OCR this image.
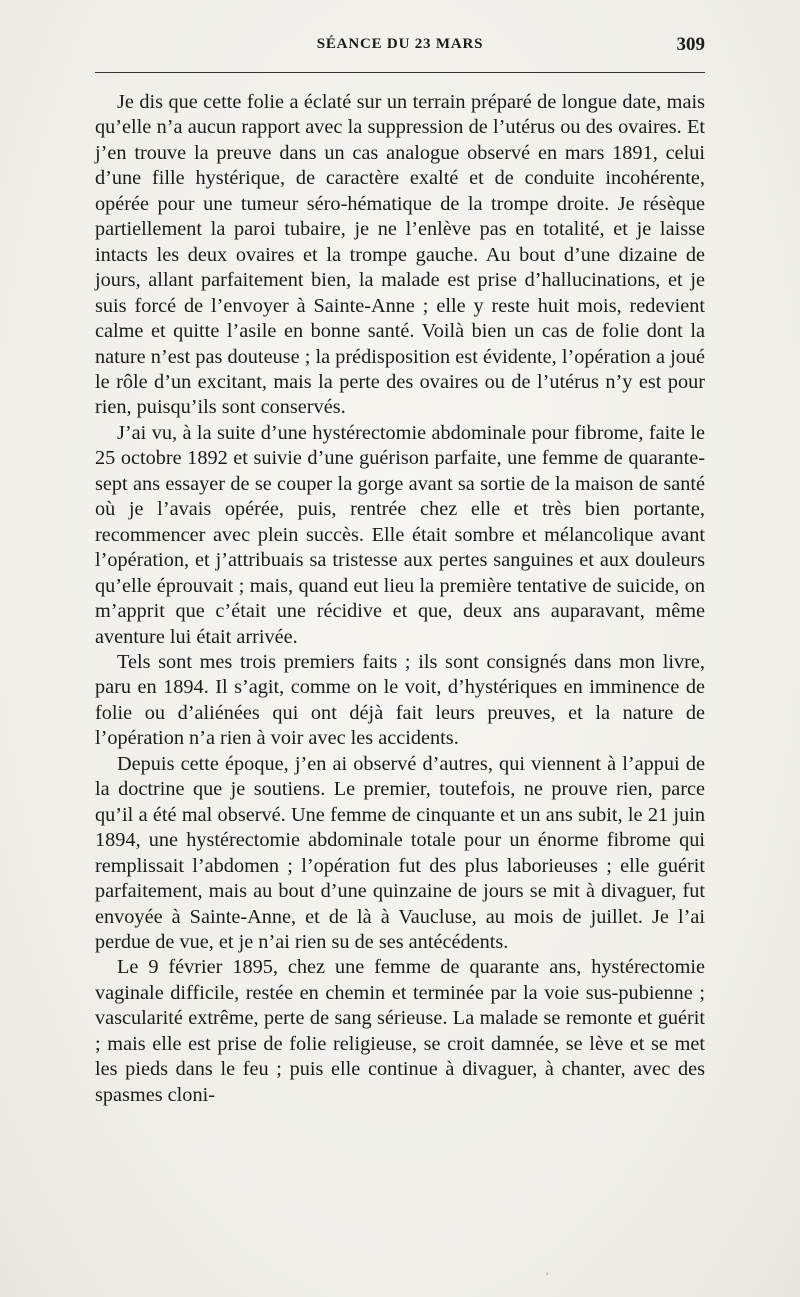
SÉANCE DU 23 MARS	309

Je dis que cette folie a éclaté sur un terrain préparé de longue date, mais qu’elle n’a aucun rapport avec la suppression de l’utérus ou des ovaires. Et j’en trouve la preuve dans un cas analogue observé en mars 1891, celui d’une fille hystérique, de caractère exalté et de conduite incohérente, opérée pour une tumeur séro-hématique de la trompe droite. Je résèque partiellement la paroi tubaire, je ne l’enlève pas en totalité, et je laisse intacts les deux ovaires et la trompe gauche. Au bout d’une dizaine de jours, allant parfaitement bien, la malade est prise d’hallucinations, et je suis forcé de l’envoyer à Sainte-Anne ; elle y reste huit mois, redevient calme et quitte l’asile en bonne santé. Voilà bien un cas de folie dont la nature n’est pas douteuse ; la prédisposition est évidente, l’opération a joué le rôle d’un excitant, mais la perte des ovaires ou de l’utérus n’y est pour rien, puisqu’ils sont conservés.

J’ai vu, à la suite d’une hystérectomie abdominale pour fibrome, faite le 25 octobre 1892 et suivie d’une guérison parfaite, une femme de quarante-sept ans essayer de se couper la gorge avant sa sortie de la maison de santé où je l’avais opérée, puis, rentrée chez elle et très bien portante, recommencer avec plein succès. Elle était sombre et mélancolique avant l’opération, et j’attribuais sa tristesse aux pertes sanguines et aux douleurs qu’elle éprouvait ; mais, quand eut lieu la première tentative de suicide, on m’apprit que c’était une récidive et que, deux ans auparavant, même aventure lui était arrivée.

Tels sont mes trois premiers faits ; ils sont consignés dans mon livre, paru en 1894. Il s’agit, comme on le voit, d’hystériques en imminence de folie ou d’aliénées qui ont déjà fait leurs preuves, et la nature de l’opération n’a rien à voir avec les accidents.

Depuis cette époque, j’en ai observé d’autres, qui viennent à l’appui de la doctrine que je soutiens. Le premier, toutefois, ne prouve rien, parce qu’il a été mal observé. Une femme de cinquante et un ans subit, le 21 juin 1894, une hystérectomie abdominale totale pour un énorme fibrome qui remplissait l’abdomen ; l’opération fut des plus laborieuses ; elle guérit parfaitement, mais au bout d’une quinzaine de jours se mit à divaguer, fut envoyée à Sainte-Anne, et de là à Vaucluse, au mois de juillet. Je l’ai perdue de vue, et je n’ai rien su de ses antécédents.

Le 9 février 1895, chez une femme de quarante ans, hystérectomie vaginale difficile, restée en chemin et terminée par la voie sus-pubienne ; vascularité extrême, perte de sang sérieuse. La malade se remonte et guérit ; mais elle est prise de folie religieuse, se croit damnée, se lève et se met les pieds dans le feu ; puis elle continue à divaguer, à chanter, avec des spasmes cloni-

ʾ
